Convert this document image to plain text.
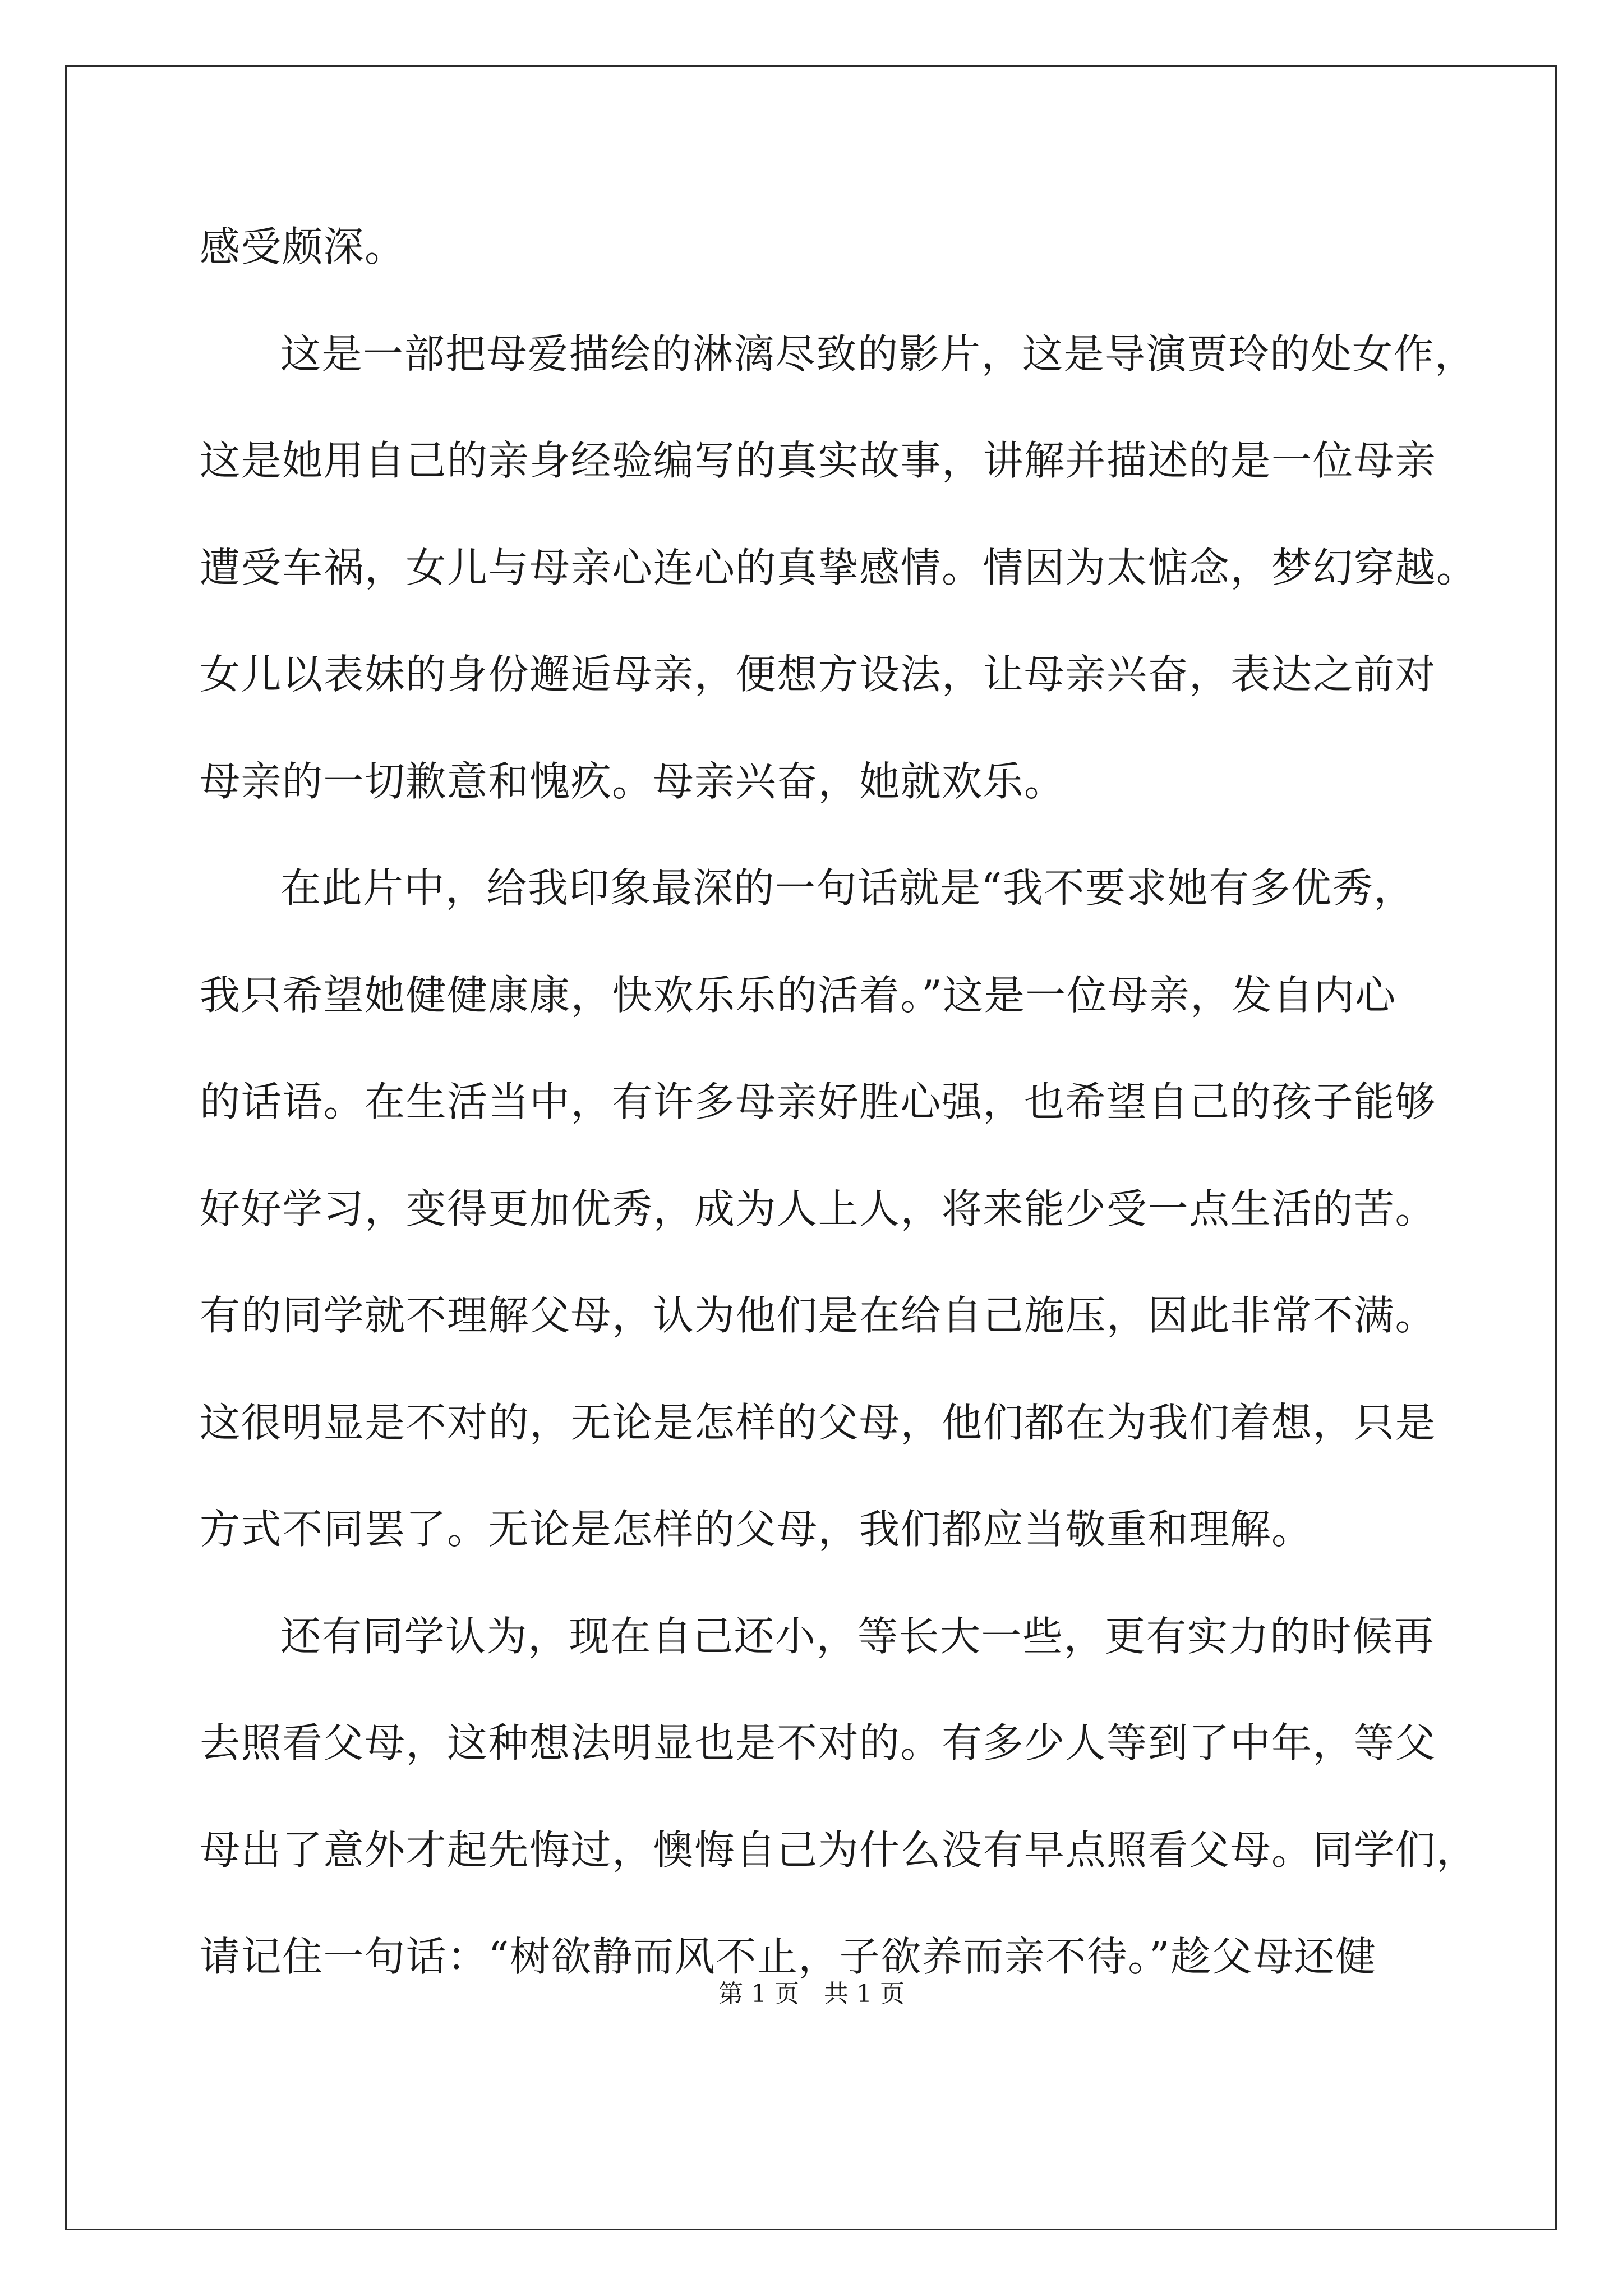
感受颇深。
这是一部把母爱描绘的淋漓尽致的影片，这是导演贾玲的处女作，
这是她用自己的亲身经验编写的真实故事，讲解并描述的是一位母亲
遭受车祸，女儿与母亲心连心的真挚感情。情因为太惦念，梦幻穿越。
女儿以表妹的身份邂逅母亲，便想方设法，让母亲兴奋，表达之前对
母亲的一切歉意和愧疚。母亲兴奋，她就欢乐。
在此片中，给我印象最深的一句话就是“我不要求她有多优秀，
我只希望她健健康康，快欢乐乐的活着。”这是一位母亲，发自内心
的话语。在生活当中，有许多母亲好胜心强，也希望自己的孩子能够
好好学习，变得更加优秀，成为人上人，将来能少受一点生活的苦。
有的同学就不理解父母，认为他们是在给自己施压，因此非常不满。
这很明显是不对的，无论是怎样的父母，他们都在为我们着想，只是
方式不同罢了。无论是怎样的父母，我们都应当敬重和理解。
还有同学认为，现在自己还小，等长大一些，更有实力的时候再
去照看父母，这种想法明显也是不对的。有多少人等到了中年，等父
母出了意外才起先悔过，懊悔自己为什么没有早点照看父母。同学们，
请记住一句话：“树欲静而风不止，子欲养而亲不待。”趁父母还健
第 1 页　共 1 页
